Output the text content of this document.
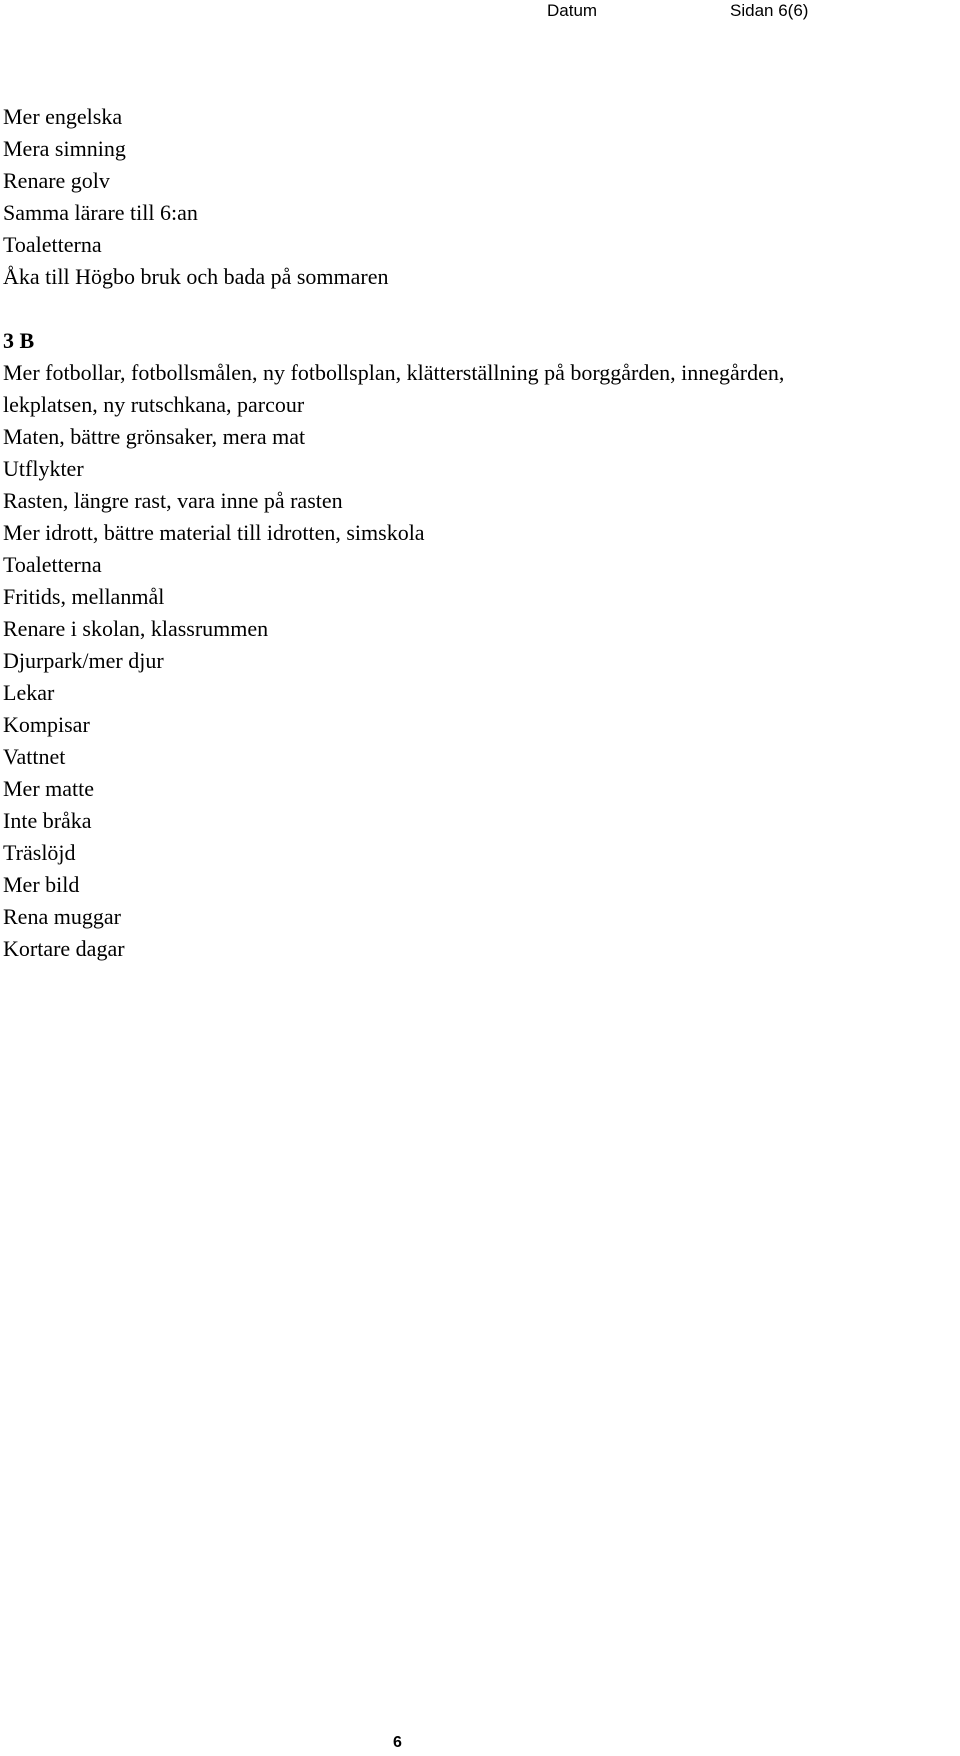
Datum	Sidan 6(6)
Mer engelska
Mera simning
Renare golv
Samma lärare till 6:an
Toaletterna
Åka till Högbo bruk och bada på sommaren
3 B
Mer fotbollar, fotbollsmålen, ny fotbollsplan, klätterställning på borggården, innegården,
lekplatsen, ny rutschkana, parcour
Maten, bättre grönsaker, mera mat
Utflykter
Rasten, längre rast, vara inne på rasten
Mer idrott, bättre material till idrotten, simskola
Toaletterna
Fritids, mellanmål
Renare i skolan, klassrummen
Djurpark/mer djur
Lekar
Kompisar
Vattnet
Mer matte
Inte bråka
Träslöjd
Mer bild
Rena muggar
Kortare dagar
6
